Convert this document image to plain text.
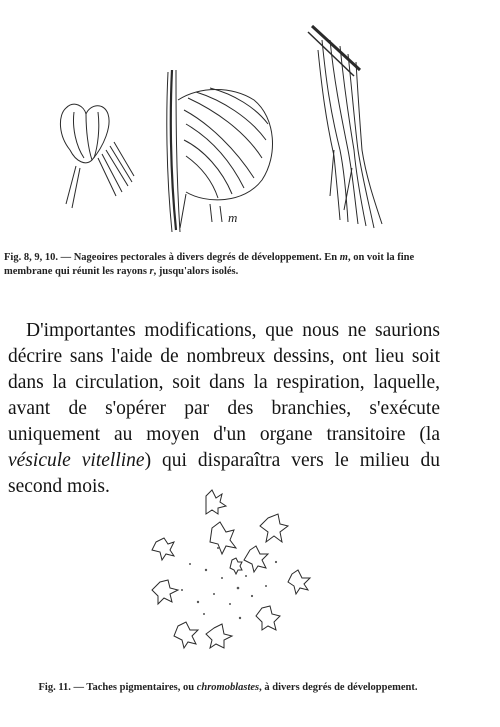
m
Fig. 8, 9, 10. — Nageoires pectorales à divers degrés de développement. En m, on voit la fine membrane qui réunit les rayons r, jusqu'alors isolés.

D'importantes modifications, que nous ne saurions décrire sans l'aide de nombreux dessins, ont lieu soit dans la circulation, soit dans la respiration, laquelle, avant de s'opérer par des branchies, s'exécute uniquement au moyen d'un organe transitoire (la vésicule vitelline) qui disparaîtra vers le milieu du second mois.

Fig. 11. — Taches pigmentaires, ou chromoblastes, à divers degrés de développement.
